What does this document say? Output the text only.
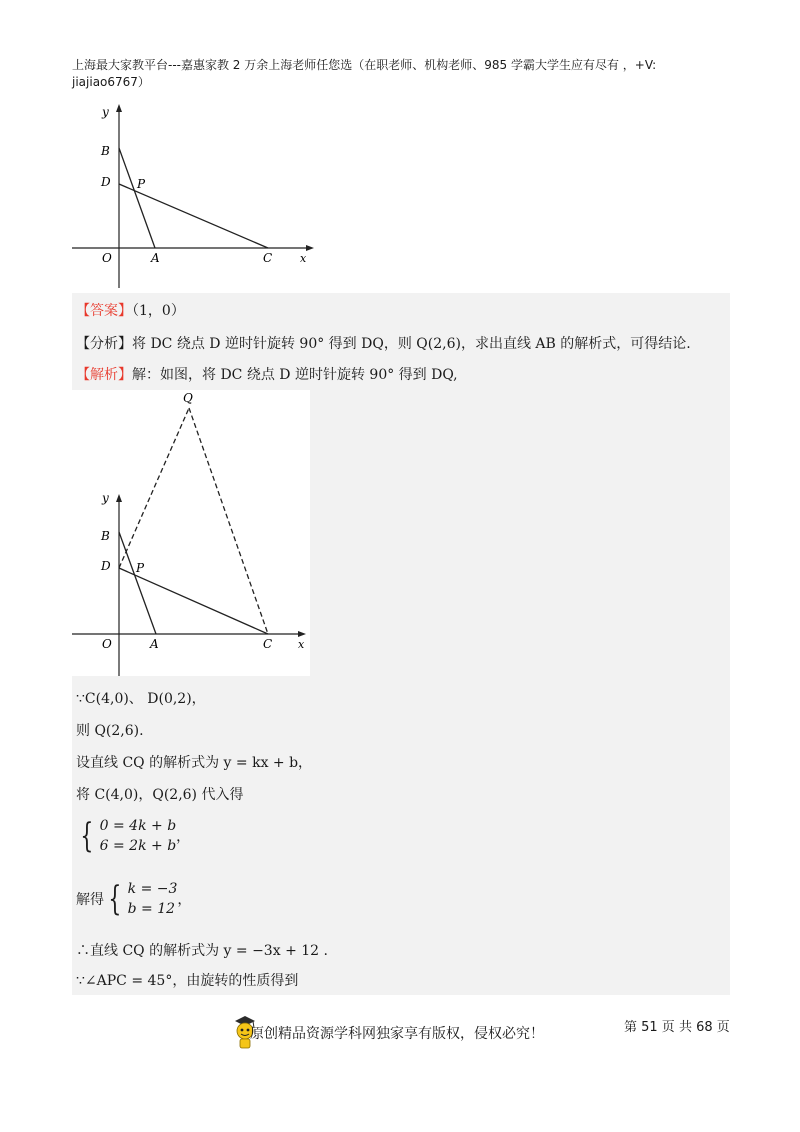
上海最大家教平台---嘉惠家教 2 万余上海老师任您选（在职老师、机构老师、985 学霸大学生应有尽有 ，+V:
jiajiao6767）
y
B
D P
O	A	C	x
【答案】（1，0）
【分析】将 DC 绕点 D 逆时针旋转 90° 得到 DQ，则 Q(2,6)，求出直线 AB 的解析式，可得结论.
【解析】解：如图，将 DC 绕点 D 逆时针旋转 90° 得到 DQ,
Q
y
B
D P
O	A	C x
∵C(4,0)、 D(0,2)，
则 Q(2,6).
设直线 CQ 的解析式为 y = kx + b，
将 C(4,0)，Q(2,6) 代入得
{ 0 = 4k + b
6 = 2k + b
，
解得 { k = −3
b = 12
，
∴直线 CQ 的解析式为 y = −3x + 12 .
∵∠APC = 45°，由旋转的性质得到
原创精品资源学科网独家享有版权，侵权必究！	第 51 页 共 68 页
